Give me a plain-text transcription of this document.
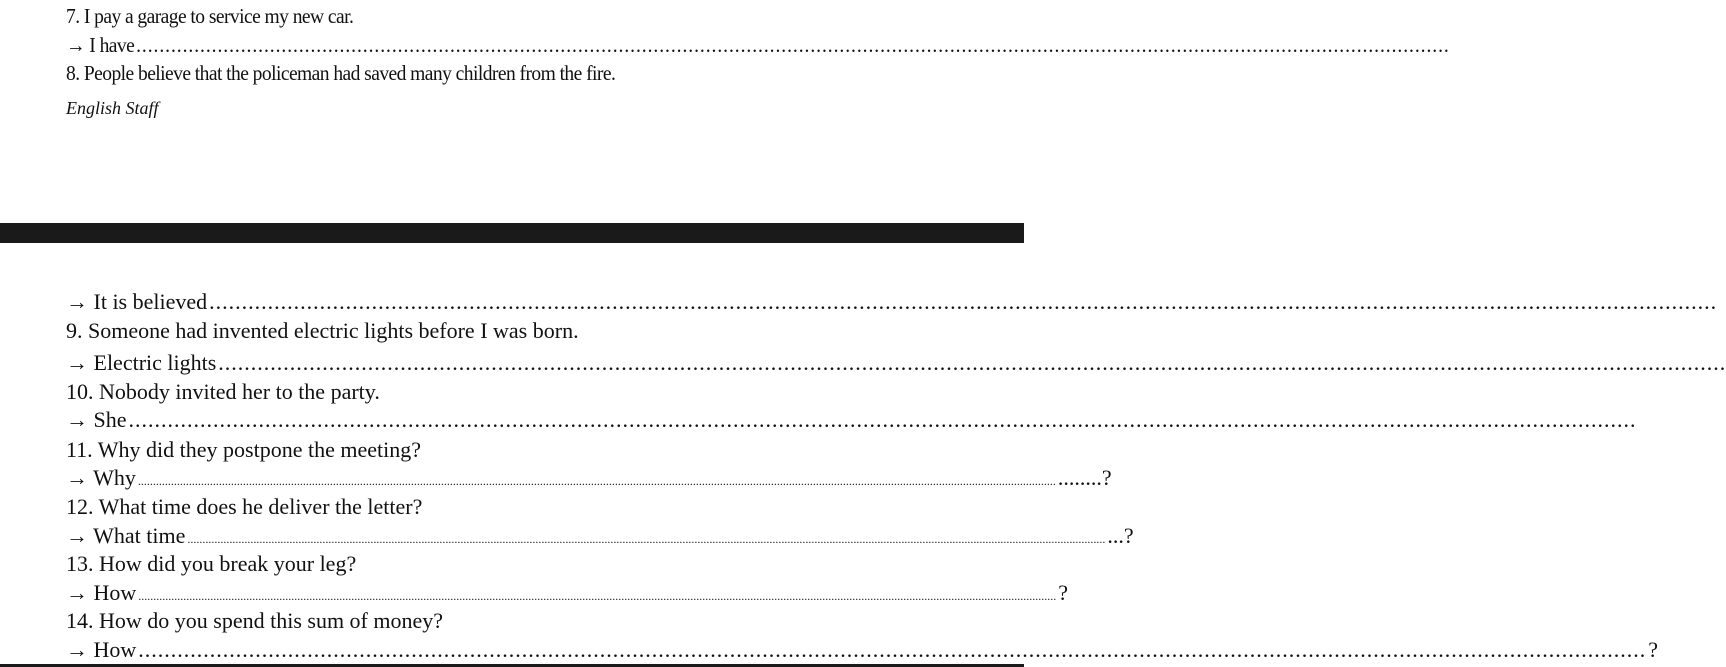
7. I pay a garage to service my new car.
→ I have ..................................................................................................................................................................................................................................
8. People believe that the policeman had saved many children from the fire.
English Staff
→ It is believed ........................................................................................................................................................................................................................................
9. Someone had invented electric lights before I was born.
→ Electric lights ........................................................................................................................................................................................................................................
10. Nobody invited her to the party.
→ She ........................................................................................................................................................................................................................................
11. Why did they postpone the meeting?
→ Why .................................................................................................................................................................................................................................................................................................................. ........?
12. What time does he deliver the letter?
→ What time .................................................................................................................................................................................................................................................................................................................. ...?
13. How did you break your leg?
→ How .................................................................................................................................................................................................................................................................................................................. ?
14. How do you spend this sum of money?
→ How ........................................................................................................................................................................................................................................ ?
